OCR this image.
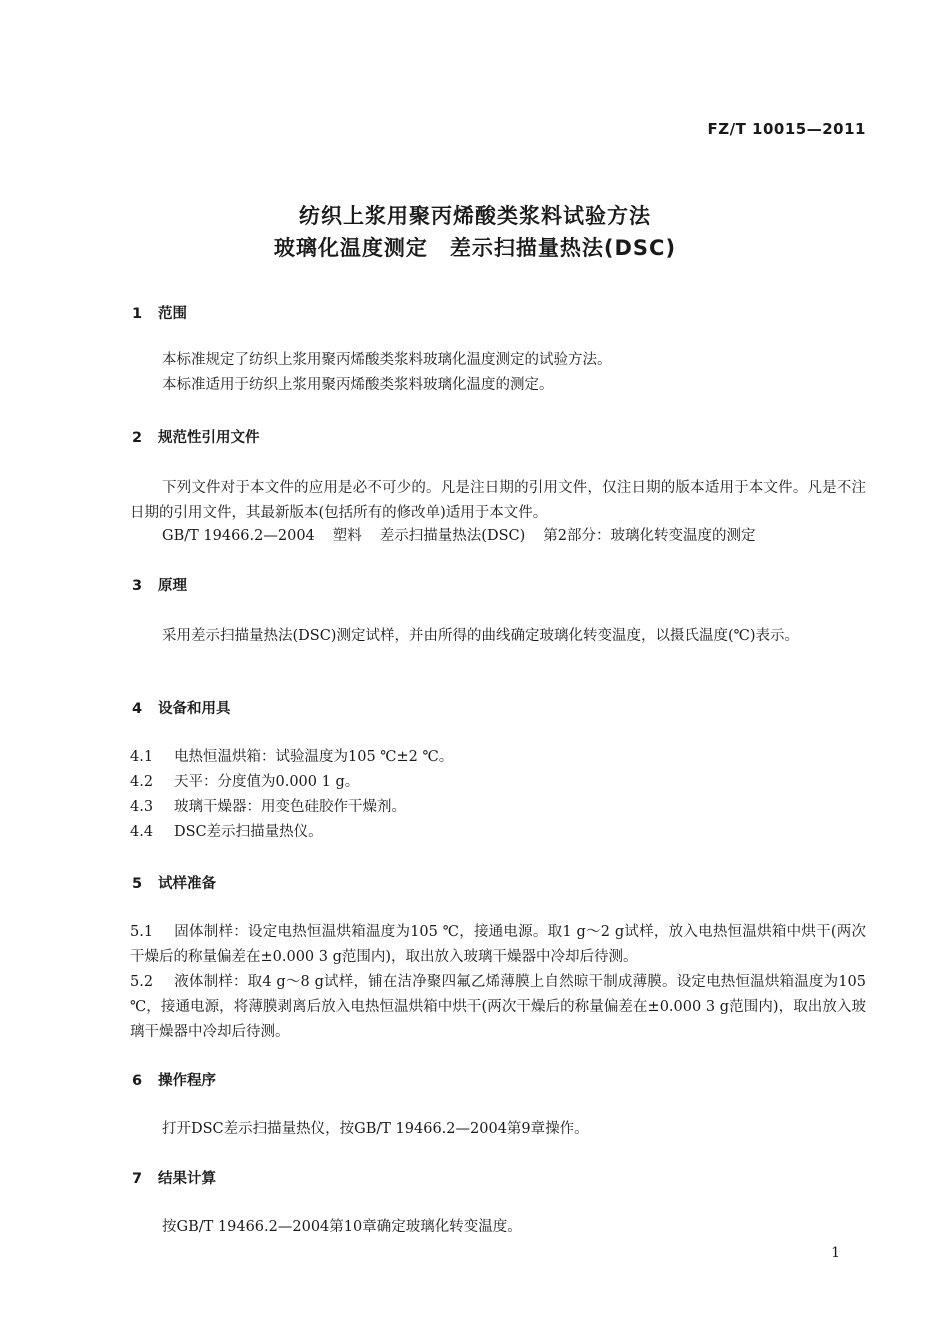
FZ/T 10015—2011
纺织上浆用聚丙烯酸类浆料试验方法
玻璃化温度测定　差示扫描量热法(DSC)
1 范围
本标准规定了纺织上浆用聚丙烯酸类浆料玻璃化温度测定的试验方法。
本标准适用于纺织上浆用聚丙烯酸类浆料玻璃化温度的测定。
2 规范性引用文件
下列文件对于本文件的应用是必不可少的。凡是注日期的引用文件，仅注日期的版本适用于本文件。凡是不注日期的引用文件，其最新版本(包括所有的修改单)适用于本文件。
GB/T 19466.2—2004 塑料 差示扫描量热法(DSC) 第2部分：玻璃化转变温度的测定
3 原理
采用差示扫描量热法(DSC)测定试样，并由所得的曲线确定玻璃化转变温度，以摄氏温度(℃)表示。
4 设备和用具
4.1 电热恒温烘箱：试验温度为105 ℃±2 ℃。
4.2 天平：分度值为0.000 1 g。
4.3 玻璃干燥器：用变色硅胶作干燥剂。
4.4 DSC差示扫描量热仪。
5 试样准备
5.1 固体制样：设定电热恒温烘箱温度为105 ℃，接通电源。取1 g～2 g试样，放入电热恒温烘箱中烘干(两次干燥后的称量偏差在±0.000 3 g范围内)，取出放入玻璃干燥器中冷却后待测。
5.2 液体制样：取4 g～8 g试样，铺在洁净聚四氟乙烯薄膜上自然晾干制成薄膜。设定电热恒温烘箱温度为105 ℃，接通电源，将薄膜剥离后放入电热恒温烘箱中烘干(两次干燥后的称量偏差在±0.000 3 g范围内)，取出放入玻璃干燥器中冷却后待测。
6 操作程序
打开DSC差示扫描量热仪，按GB/T 19466.2—2004第9章操作。
7 结果计算
按GB/T 19466.2—2004第10章确定玻璃化转变温度。
1
